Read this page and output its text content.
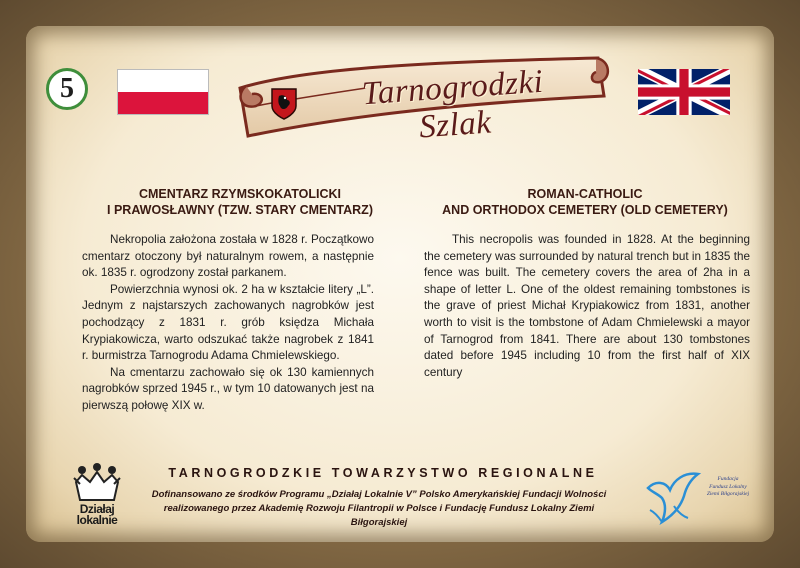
5	Tarnogrodzki Szlak
CMENTARZ RZYMSKOKATOLICKI
I PRAWOSŁAWNY (TZW. STARY CMENTARZ)

Nekropolia założona została w 1828 r. Początkowo cmentarz otoczony był naturalnym rowem, a następnie ok. 1835 r. ogrodzony został parkanem.

Powierzchnia wynosi ok. 2 ha w kształcie litery „L”. Jednym z najstarszych zachowanych nagrobków jest pochodzący z 1831 r. grób księdza Michała Krypiakowicza, warto odszukać także nagrobek z 1841 r. burmistrza Tarnogrodu Adama Chmielewskiego.

Na cmentarzu zachowało się ok 130 kamiennych nagrobków sprzed 1945 r., w tym 10 datowanych jest na pierwszą połowę XIX w.

ROMAN-CATHOLIC
AND ORTHODOX CEMETERY (OLD CEMETERY)

This necropolis was founded in 1828. At the beginning the cemetery was surrounded by natural trench but in 1835 the fence was built. The cemetery covers the area of 2ha in a shape of letter L. One of the oldest remaining tombstones is the grave of priest Michał Krypiakowicz from 1831, another worth to visit is the tombstone of Adam Chmielewski a mayor of Tarnogrod from 1841. There are about 130 tombstones dated before 1945 including 10 from the first half of XIX century

Działaj
lokalnie
TARNOGRODZKIE TOWARZYSTWO REGIONALNE
Dofinansowano ze środków Programu „Działaj Lokalnie V” Polsko Amerykańskiej Fundacji Wolności
realizowanego przez Akademię Rozwoju Filantropii w Polsce i Fundację Fundusz Lokalny Ziemi Biłgorajskiej
Fundacja
Fundusz Lokalny
Ziemi Biłgorajskiej
